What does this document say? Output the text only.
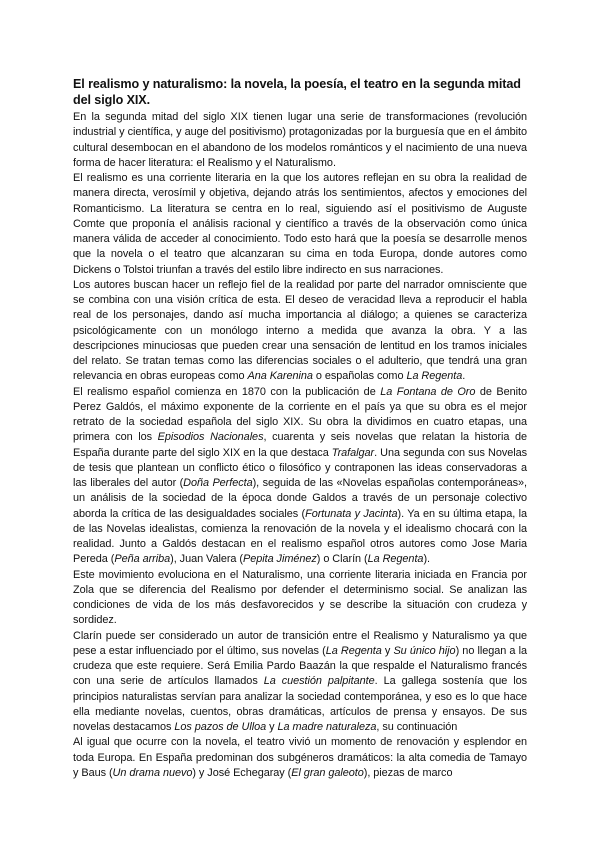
El realismo y naturalismo: la novela, la poesía, el teatro en la segunda mitad del siglo XIX.

En la segunda mitad del siglo XIX tienen lugar una serie de transformaciones (revolución industrial y científica, y auge del positivismo) protagonizadas por la burguesía que en el ámbito cultural desembocan en el abandono de los modelos románticos y el nacimiento de una nueva forma de hacer literatura: el Realismo y el Naturalismo.

El realismo es una corriente literaria en la que los autores reflejan en su obra la realidad de manera directa, verosímil y objetiva, dejando atrás los sentimientos, afectos y emociones del Romanticismo. La literatura se centra en lo real, siguiendo así el positivismo de Auguste Comte que proponía el análisis racional y científico a través de la observación como única manera válida de acceder al conocimiento. Todo esto hará que la poesía se desarrolle menos que la novela o el teatro que alcanzaran su cima en toda Europa, donde autores como Dickens o Tolstoi triunfan a través del estilo libre indirecto en sus narraciones.

Los autores buscan hacer un reflejo fiel de la realidad por parte del narrador omnisciente que se combina con una visión crítica de esta. El deseo de veracidad lleva a reproducir el habla real de los personajes, dando así mucha importancia al diálogo; a quienes se caracteriza psicológicamente con un monólogo interno a medida que avanza la obra. Y a las descripciones minuciosas que pueden crear una sensación de lentitud en los tramos iniciales del relato. Se tratan temas como las diferencias sociales o el adulterio, que tendrá una gran relevancia en obras europeas como Ana Karenina o españolas como La Regenta.

El realismo español comienza en 1870 con la publicación de La Fontana de Oro de Benito Perez Galdós, el máximo exponente de la corriente en el país ya que su obra es el mejor retrato de la sociedad española del siglo XIX. Su obra la dividimos en cuatro etapas, una primera con los Episodios Nacionales, cuarenta y seis novelas que relatan la historia de España durante parte del siglo XIX en la que destaca Trafalgar. Una segunda con sus Novelas de tesis que plantean un conflicto ético o filosófico y contraponen las ideas conservadoras a las liberales del autor (Doña Perfecta), seguida de las «Novelas españolas contemporáneas», un análisis de la sociedad de la época donde Galdos a través de un personaje colectivo aborda la crítica de las desigualdades sociales (Fortunata y Jacinta). Ya en su última etapa, la de las Novelas idealistas, comienza la renovación de la novela y el idealismo chocará con la realidad. Junto a Galdós destacan en el realismo español otros autores como Jose Maria Pereda (Peña arriba), Juan Valera (Pepita Jiménez) o Clarín (La Regenta).

Este movimiento evoluciona en el Naturalismo, una corriente literaria iniciada en Francia por Zola que se diferencia del Realismo por defender el determinismo social. Se analizan las condiciones de vida de los más desfavorecidos y se describe la situación con crudeza y sordidez.

Clarín puede ser considerado un autor de transición entre el Realismo y Naturalismo ya que pese a estar influenciado por el último, sus novelas (La Regenta y Su único hijo) no llegan a la crudeza que este requiere. Será Emilia Pardo Baazán la que respalde el Naturalismo francés con una serie de artículos llamados La cuestión palpitante. La gallega sostenía que los principios naturalistas servían para analizar la sociedad contemporánea, y eso es lo que hace ella mediante novelas, cuentos, obras dramáticas, artículos de prensa y ensayos. De sus novelas destacamos Los pazos de Ulloa y La madre naturaleza, su continuación

Al igual que ocurre con la novela, el teatro vivió un momento de renovación y esplendor en toda Europa. En España predominan dos subgéneros dramáticos: la alta comedia de Tamayo y Baus (Un drama nuevo) y José Echegaray (El gran galeoto), piezas de marco
